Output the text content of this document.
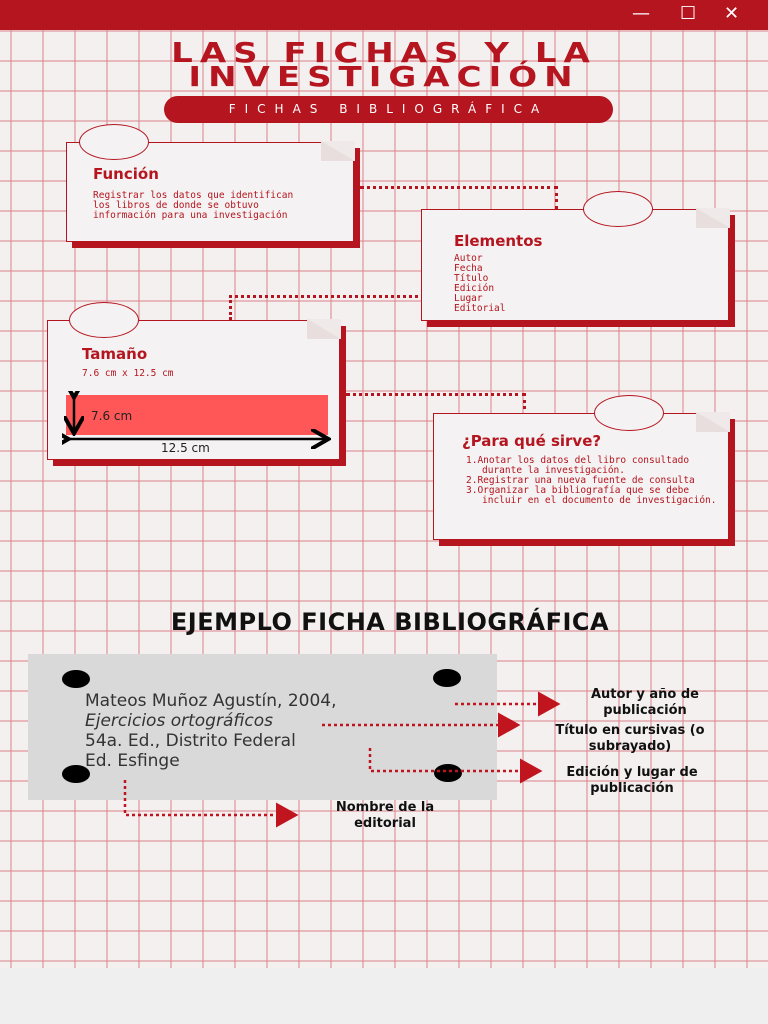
— ☐ ✕
LAS FICHAS Y LA
INVESTIGACIÓN
FICHAS BIBLIOGRÁFICA
Función
Registrar los datos que identifican los libros de donde se obtuvo información para una investigación
Elementos
Autor
Fecha
Título
Edición
Lugar
Editorial
Tamaño
7.6 cm x 12.5 cm
7.6 cm
12.5 cm	¿Para qué sirve?
1.Anotar los datos del libro consultado durante la investigación.
2.Registrar una nueva fuente de consulta
3.Organizar la bibliografía que se debe incluir en el documento de investigación.
EJEMPLO FICHA BIBLIOGRÁFICA
Mateos Muñoz Agustín, 2004,
Ejercicios ortográficos
54a. Ed., Distrito Federal
Ed. Esfinge
Autor y año de publicación
Título en cursivas (o subrayado)
Edición y lugar de publicación
Nombre de la editorial
